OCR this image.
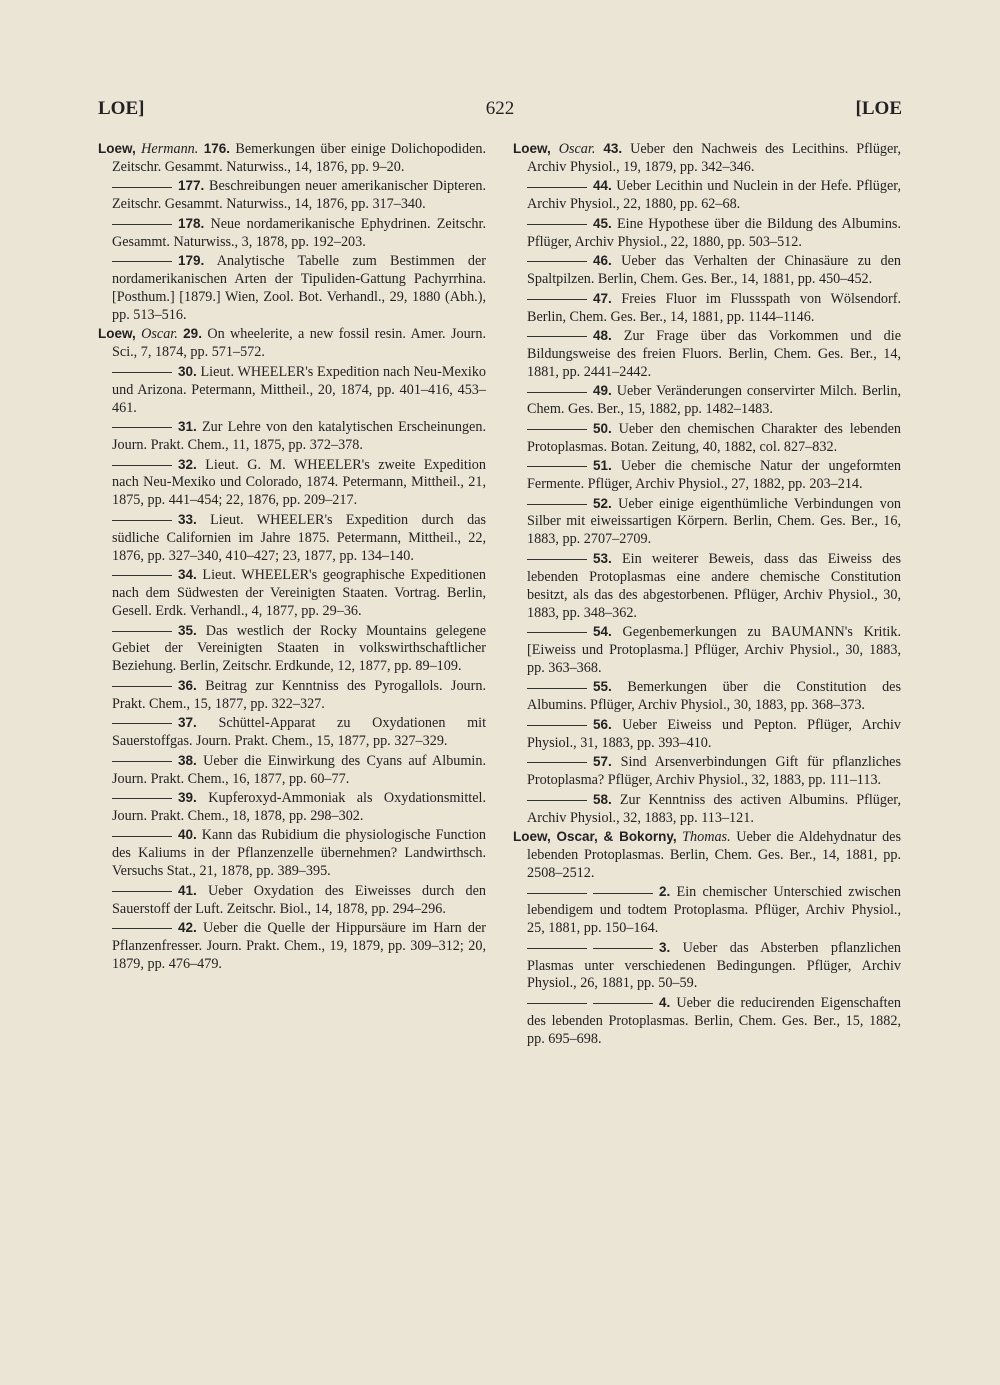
LOE]	622	[LOE

Loew, Hermann. 176. Bemerkungen über einige Dolichopodiden. Zeitschr. Gesammt. Naturwiss., 14, 1876, pp. 9–20.

177. Beschreibungen neuer amerikanischer Dipteren. Zeitschr. Gesammt. Naturwiss., 14, 1876, pp. 317–340.

178. Neue nordamerikanische Ephydrinen. Zeitschr. Gesammt. Naturwiss., 3, 1878, pp. 192–203.

179. Analytische Tabelle zum Bestimmen der nordamerikanischen Arten der Tipuliden-Gattung Pachyrrhina. [Posthum.] [1879.] Wien, Zool. Bot. Verhandl., 29, 1880 (Abh.), pp. 513–516.

Loew, Oscar. 29. On wheelerite, a new fossil resin. Amer. Journ. Sci., 7, 1874, pp. 571–572.

30. Lieut. WHEELER's Expedition nach Neu-Mexiko und Arizona. Petermann, Mittheil., 20, 1874, pp. 401–416, 453–461.

31. Zur Lehre von den katalytischen Erscheinungen. Journ. Prakt. Chem., 11, 1875, pp. 372–378.

32. Lieut. G. M. WHEELER's zweite Expedition nach Neu-Mexiko und Colorado, 1874. Petermann, Mittheil., 21, 1875, pp. 441–454; 22, 1876, pp. 209–217.

33. Lieut. WHEELER's Expedition durch das südliche Californien im Jahre 1875. Petermann, Mittheil., 22, 1876, pp. 327–340, 410–427; 23, 1877, pp. 134–140.

34. Lieut. WHEELER's geographische Expeditionen nach dem Südwesten der Vereinigten Staaten. Vortrag. Berlin, Gesell. Erdk. Verhandl., 4, 1877, pp. 29–36.

35. Das westlich der Rocky Mountains gelegene Gebiet der Vereinigten Staaten in volkswirthschaftlicher Beziehung. Berlin, Zeitschr. Erdkunde, 12, 1877, pp. 89–109.

36. Beitrag zur Kenntniss des Pyrogallols. Journ. Prakt. Chem., 15, 1877, pp. 322–327.

37. Schüttel-Apparat zu Oxydationen mit Sauerstoffgas. Journ. Prakt. Chem., 15, 1877, pp. 327–329.

38. Ueber die Einwirkung des Cyans auf Albumin. Journ. Prakt. Chem., 16, 1877, pp. 60–77.

39. Kupferoxyd-Ammoniak als Oxydationsmittel. Journ. Prakt. Chem., 18, 1878, pp. 298–302.

40. Kann das Rubidium die physiologische Function des Kaliums in der Pflanzenzelle übernehmen? Landwirthsch. Versuchs Stat., 21, 1878, pp. 389–395.

41. Ueber Oxydation des Eiweisses durch den Sauerstoff der Luft. Zeitschr. Biol., 14, 1878, pp. 294–296.

42. Ueber die Quelle der Hippursäure im Harn der Pflanzenfresser. Journ. Prakt. Chem., 19, 1879, pp. 309–312; 20, 1879, pp. 476–479.

Loew, Oscar. 43. Ueber den Nachweis des Lecithins. Pflüger, Archiv Physiol., 19, 1879, pp. 342–346.

44. Ueber Lecithin und Nuclein in der Hefe. Pflüger, Archiv Physiol., 22, 1880, pp. 62–68.

45. Eine Hypothese über die Bildung des Albumins. Pflüger, Archiv Physiol., 22, 1880, pp. 503–512.

46. Ueber das Verhalten der Chinasäure zu den Spaltpilzen. Berlin, Chem. Ges. Ber., 14, 1881, pp. 450–452.

47. Freies Fluor im Flussspath von Wölsendorf. Berlin, Chem. Ges. Ber., 14, 1881, pp. 1144–1146.

48. Zur Frage über das Vorkommen und die Bildungsweise des freien Fluors. Berlin, Chem. Ges. Ber., 14, 1881, pp. 2441–2442.

49. Ueber Veränderungen conservirter Milch. Berlin, Chem. Ges. Ber., 15, 1882, pp. 1482–1483.

50. Ueber den chemischen Charakter des lebenden Protoplasmas. Botan. Zeitung, 40, 1882, col. 827–832.

51. Ueber die chemische Natur der ungeformten Fermente. Pflüger, Archiv Physiol., 27, 1882, pp. 203–214.

52. Ueber einige eigenthümliche Verbindungen von Silber mit eiweissartigen Körpern. Berlin, Chem. Ges. Ber., 16, 1883, pp. 2707–2709.

53. Ein weiterer Beweis, dass das Eiweiss des lebenden Protoplasmas eine andere chemische Constitution besitzt, als das des abgestorbenen. Pflüger, Archiv Physiol., 30, 1883, pp. 348–362.

54. Gegenbemerkungen zu BAUMANN's Kritik. [Eiweiss und Protoplasma.] Pflüger, Archiv Physiol., 30, 1883, pp. 363–368.

55. Bemerkungen über die Constitution des Albumins. Pflüger, Archiv Physiol., 30, 1883, pp. 368–373.

56. Ueber Eiweiss und Pepton. Pflüger, Archiv Physiol., 31, 1883, pp. 393–410.

57. Sind Arsenverbindungen Gift für pflanzliches Protoplasma? Pflüger, Archiv Physiol., 32, 1883, pp. 111–113.

58. Zur Kenntniss des activen Albumins. Pflüger, Archiv Physiol., 32, 1883, pp. 113–121.

Loew, Oscar, & Bokorny, Thomas. Ueber die Aldehydnatur des lebenden Protoplasmas. Berlin, Chem. Ges. Ber., 14, 1881, pp. 2508–2512.

2. Ein chemischer Unterschied zwischen lebendigem und todtem Protoplasma. Pflüger, Archiv Physiol., 25, 1881, pp. 150–164.

3. Ueber das Absterben pflanzlichen Plasmas unter verschiedenen Bedingungen. Pflüger, Archiv Physiol., 26, 1881, pp. 50–59.

4. Ueber die reducirenden Eigenschaften des lebenden Protoplasmas. Berlin, Chem. Ges. Ber., 15, 1882, pp. 695–698.
